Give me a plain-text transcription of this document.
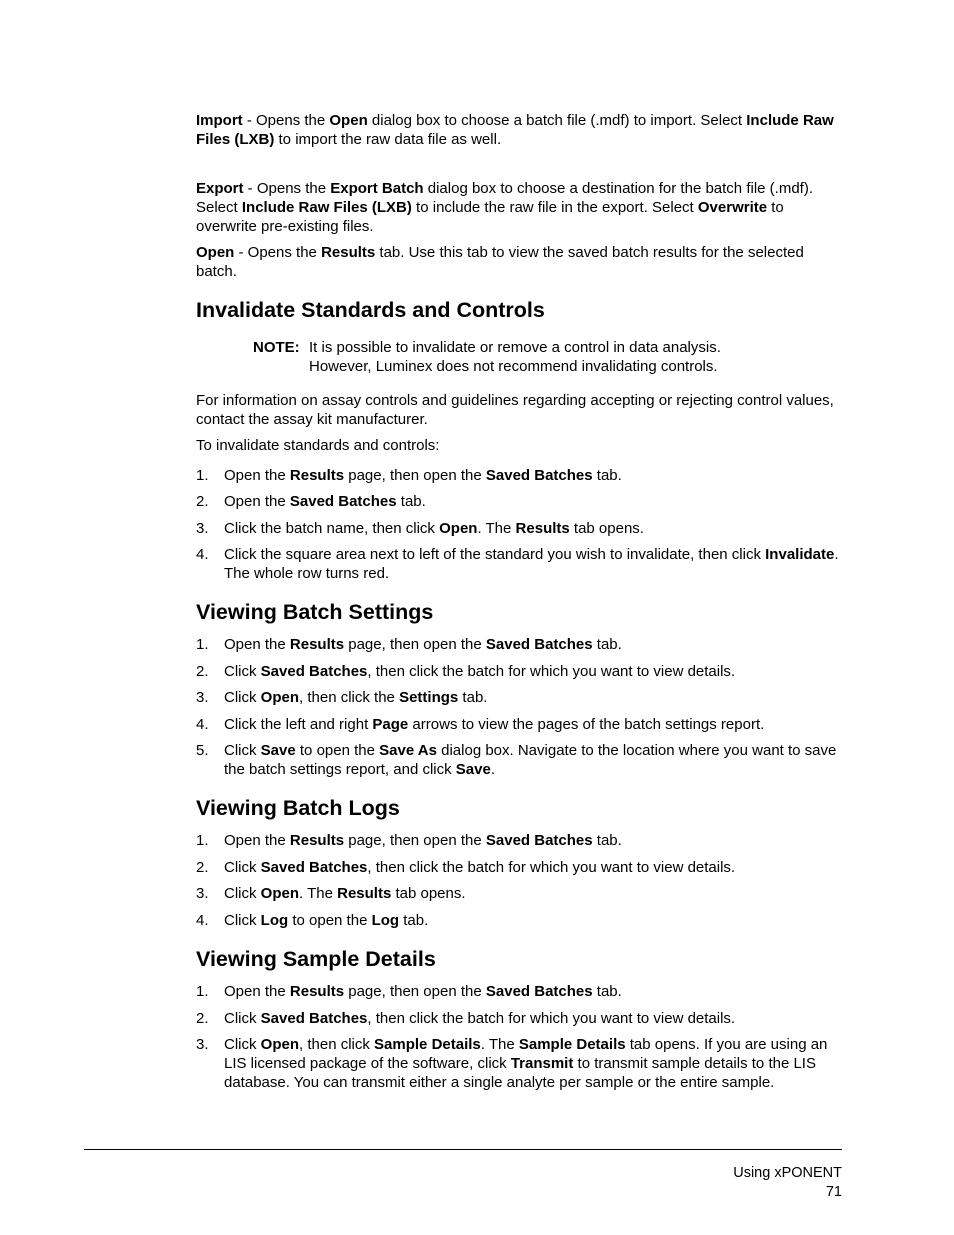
Import - Opens the Open dialog box to choose a batch file (.mdf) to import. Select Include Raw Files (LXB) to import the raw data file as well.

Export - Opens the Export Batch dialog box to choose a destination for the batch file (.mdf). Select Include Raw Files (LXB) to include the raw file in the export. Select Overwrite to overwrite pre-existing files.

Open - Opens the Results tab. Use this tab to view the saved batch results for the selected batch.

Invalidate Standards and Controls
NOTE: It is possible to invalidate or remove a control in data analysis.
However, Luminex does not recommend invalidating controls.

For information on assay controls and guidelines regarding accepting or rejecting control values, contact the assay kit manufacturer.

To invalidate standards and controls:

1. Open the Results page, then open the Saved Batches tab.
2. Open the Saved Batches tab.
3. Click the batch name, then click Open. The Results tab opens.
4. Click the square area next to left of the standard you wish to invalidate, then click Invalidate. The whole row turns red.
Viewing Batch Settings
1. Open the Results page, then open the Saved Batches tab.
2. Click Saved Batches, then click the batch for which you want to view details.
3. Click Open, then click the Settings tab.
4. Click the left and right Page arrows to view the pages of the batch settings report.
5. Click Save to open the Save As dialog box. Navigate to the location where you want to save the batch settings report, and click Save.
Viewing Batch Logs
1. Open the Results page, then open the Saved Batches tab.
2. Click Saved Batches, then click the batch for which you want to view details.
3. Click Open. The Results tab opens.
4. Click Log to open the Log tab.
Viewing Sample Details
1. Open the Results page, then open the Saved Batches tab.
2. Click Saved Batches, then click the batch for which you want to view details.
3. Click Open, then click Sample Details. The Sample Details tab opens. If you are using an LIS licensed package of the software, click Transmit to transmit sample details to the LIS database. You can transmit either a single analyte per sample or the entire sample.
Using xPONENT
71
